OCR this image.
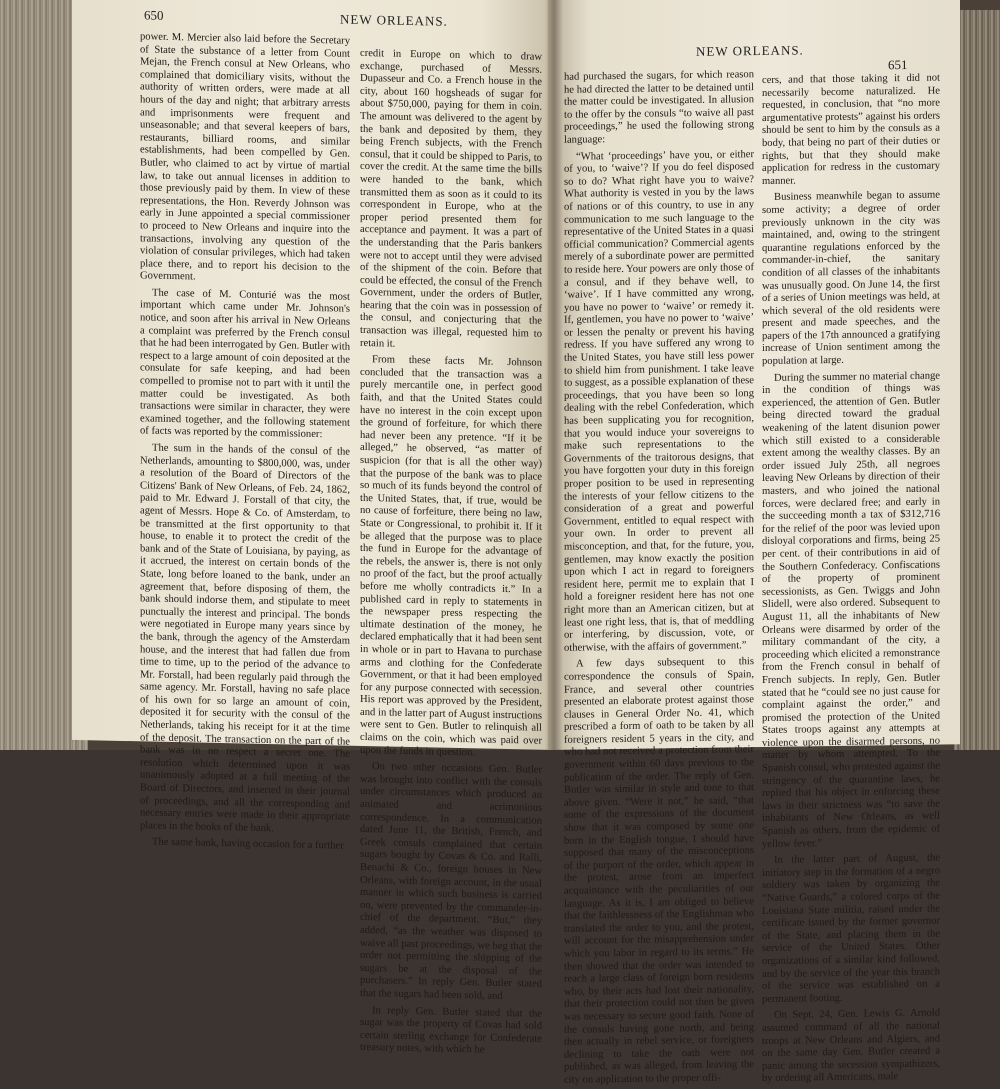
650	NEW ORLEANS.

power. M. Mercier also laid before the Secretary of State the substance of a letter from Count Mejan, the French consul at New Orleans, who complained that domiciliary visits, without the authority of written orders, were made at all hours of the day and night; that arbitrary arrests and imprisonments were frequent and unseasonable; and that several keepers of bars, restaurants, billiard rooms, and similar establishments, had been compelled by Gen. Butler, who claimed to act by virtue of martial law, to take out annual licenses in addition to those previously paid by them. In view of these representations, the Hon. Reverdy Johnson was early in June appointed a special commissioner to proceed to New Orleans and inquire into the transactions, involving any question of the violation of consular privileges, which had taken place there, and to report his decision to the Government.

The case of M. Conturié was the most important which came under Mr. Johnson's notice, and soon after his arrival in New Orleans a complaint was preferred by the French consul that he had been interrogated by Gen. Butler with respect to a large amount of coin deposited at the consulate for safe keeping, and had been compelled to promise not to part with it until the matter could be investigated. As both transactions were similar in character, they were examined together, and the following statement of facts was reported by the commissioner:

The sum in the hands of the consul of the Netherlands, amounting to $800,000, was, under a resolution of the Board of Directors of the Citizens' Bank of New Orleans, of Feb. 24, 1862, paid to Mr. Edward J. Forstall of that city, the agent of Messrs. Hope & Co. of Amsterdam, to be transmitted at the first opportunity to that house, to enable it to protect the credit of the bank and of the State of Louisiana, by paying, as it accrued, the interest on certain bonds of the State, long before loaned to the bank, under an agreement that, before disposing of them, the bank should indorse them, and stipulate to meet punctually the interest and principal. The bonds were negotiated in Europe many years since by the bank, through the agency of the Amsterdam house, and the interest that had fallen due from time to time, up to the period of the advance to Mr. Forstall, had been regularly paid through the same agency. Mr. Forstall, having no safe place of his own for so large an amount of coin, deposited it for security with the consul of the Netherlands, taking his receipt for it at the time of the deposit. The transaction on the part of the bank was in no respect a secret one. The resolution which determined upon it was unanimously adopted at a full meeting of the Board of Directors, and inserted in their journal of proceedings, and all the corresponding and necessary entries were made in their appropriate places in the books of the bank.

The same bank, having occasion for a further

credit in Europe on which to draw exchange, purchased of Messrs. Dupasseur and Co. a French house in the city, about 160 hogsheads of sugar for about $750,000, paying for them in coin. The amount was delivered to the agent by the bank and deposited by them, they being French subjects, with the French consul, that it could be shipped to Paris, to cover the credit. At the same time the bills were handed to the bank, which transmitted them as soon as it could to its correspondent in Europe, who at the proper period presented them for acceptance and payment. It was a part of the understanding that the Paris bankers were not to accept until they were advised of the shipment of the coin. Before that could be effected, the consul of the French Government, under the orders of Butler, hearing that the coin was in possession of the consul, and conjecturing that the transaction was illegal, requested him to retain it.

From these facts Mr. Johnson concluded that the transaction was a purely mercantile one, in perfect good faith, and that the United States could have no interest in the coin except upon the ground of forfeiture, for which there had never been any pretence. “If it be alleged,” he observed, “as matter of suspicion (for that is all the other way) that the purpose of the bank was to place so much of its funds beyond the control of the United States, that, if true, would be no cause of forfeiture, there being no law, State or Congressional, to prohibit it. If it be alleged that the purpose was to place the fund in Europe for the advantage of the rebels, the answer is, there is not only no proof of the fact, but the proof actually before me wholly contradicts it.” In a published card in reply to statements in the newspaper press respecting the ultimate destination of the money, he declared emphatically that it had been sent in whole or in part to Havana to purchase arms and clothing for the Confederate Government, or that it had been employed for any purpose connected with secession. His report was approved by the President, and in the latter part of August instructions were sent to Gen. Butler to relinquish all claims on the coin, which was paid over upon the funds in question.

On two other occasions Gen. Butler was brought into conflict with the consuls under circumstances which produced an animated and acrimonious correspondence. In a communication dated June 11, the British, French, and Greek consuls complained that certain sugars bought by Covas & Co. and Ralli, Benachi & Co., foreign houses in New Orleans, with foreign account, in the usual manner in which such business is carried on, were prevented by the commander-in-chief of the department. “But,” they added, “as the weather was disposed to waive all past proceedings, we beg that the order not permitting the shipping of the sugars be at the disposal of the purchasers.” In reply Gen. Butler stated that the sugars had been sold, and

In reply Gen. Butler stated that the sugar was the property of Covas had sold certain sterling exchange for Confederate treasury notes, with which he

NEW ORLEANS.
651

had purchased the sugars, for which reason he had directed the latter to be detained until the matter could be investigated. In allusion to the offer by the consuls “to waive all past proceedings,” he used the following strong language:

“What ‘proceedings’ have you, or either of you, to ‘waive’? If you do feel disposed so to do? What right have you to waive? What authority is vested in you by the laws of nations or of this country, to use in any communication to me such language to the representative of the United States in a quasi official communication? Commercial agents merely of a subordinate power are permitted to reside here. Your powers are only those of a consul, and if they behave well, to ‘waive’. If I have committed any wrong, you have no power to ‘waive’ or remedy it. If, gentlemen, you have no power to ‘waive’ or lessen the penalty or prevent his having redress. If you have suffered any wrong to the United States, you have still less power to shield him from punishment. I take leave to suggest, as a possible explanation of these proceedings, that you have been so long dealing with the rebel Confederation, which has been supplicating you for recognition, that you would induce your sovereigns to make such representations to the Governments of the traitorous designs, that you have forgotten your duty in this foreign proper position to be used in representing the interests of your fellow citizens to the consideration of a great and powerful Government, entitled to equal respect with your own. In order to prevent all misconception, and that, for the future, you, gentlemen, may know exactly the position upon which I act in regard to foreigners resident here, permit me to explain that I hold a foreigner resident here has not one right more than an American citizen, but at least one right less, that is, that of meddling or interfering, by discussion, vote, or otherwise, with the affairs of government.”

A few days subsequent to this correspondence the consuls of Spain, France, and several other countries presented an elaborate protest against those clauses in General Order No. 41, which prescribed a form of oath to be taken by all foreigners resident 5 years in the city, and who had not received a protection from their government within 60 days previous to the publication of the order. The reply of Gen. Butler was similar in style and tone to that above given. “Were it not,” he said, “that some of the expressions of the document show that it was composed by some one born in the English tongue, I should have supposed that many of the misconceptions of the purport of the order, which appear in the protest, arose from an imperfect acquaintance with the peculiarities of our language. As it is, I am obliged to believe that the faithlessness of the Englishman who translated the order to you, and the protest, will account for the misapprehension under which you labor in regard to its terms.” He then showed that the order was intended to reach a large class of foreign born residents who, by their acts had lost their nationality, that their protection could not then be given was necessary to secure good faith. None of the consuls having gone north, and being then actually in rebel service, or foreigners declining to take the oath were not published, as was alleged, from leaving the city on application to the proper offi-

cers, and that those taking it did not necessarily become naturalized. He requested, in conclusion, that “no more argumentative protests” against his orders should be sent to him by the consuls as a body, that being no part of their duties or rights, but that they should make application for redress in the customary manner.

Business meanwhile began to assume some activity; a degree of order previously unknown in the city was maintained, and, owing to the stringent quarantine regulations enforced by the commander-in-chief, the sanitary condition of all classes of the inhabitants was unusually good. On June 14, the first of a series of Union meetings was held, at which several of the old residents were present and made speeches, and the papers of the 17th announced a gratifying increase of Union sentiment among the population at large.

During the summer no material change in the condition of things was experienced, the attention of Gen. Butler being directed toward the gradual weakening of the latent disunion power which still existed to a considerable extent among the wealthy classes. By an order issued July 25th, all negroes leaving New Orleans by direction of their masters, and who joined the national forces, were declared free; and early in the succeeding month a tax of $312,716 for the relief of the poor was levied upon disloyal corporations and firms, being 25 per cent. of their contributions in aid of the Southern Confederacy. Confiscations of the property of prominent secessionists, as Gen. Twiggs and John Slidell, were also ordered. Subsequent to August 11, all the inhabitants of New Orleans were disarmed by order of the military commandant of the city, a proceeding which elicited a remonstrance from the French consul in behalf of French subjects. In reply, Gen. Butler stated that he “could see no just cause for complaint against the order,” and promised the protection of the United States troops against any attempts at violence upon the disarmed persons, no matter by whom attempted. To the Spanish consul, who protested against the stringency of the quarantine laws, he replied that his object in enforcing these laws in their strictness was “to save the inhabitants of New Orleans, as well Spanish as others, from the epidemic of yellow fever.”

In the latter part of August, the initiatory step in the formation of a negro soldiery was taken by organizing the “Native Guards,” a colored corps of the Louisiana State militia, raised under the certificate issued by the former governor of the State, and placing them in the service of the United States. Other organizations of a similar kind followed, and by the service of the year this branch of the service was established on a permanent footing.

On Sept. 24, Gen. Lewis G. Arnold assumed command of all the national troops at New Orleans and Algiers, and on the same day Gen. Butler created a panic among the secession sympathizers, by ordering all Americans, male
